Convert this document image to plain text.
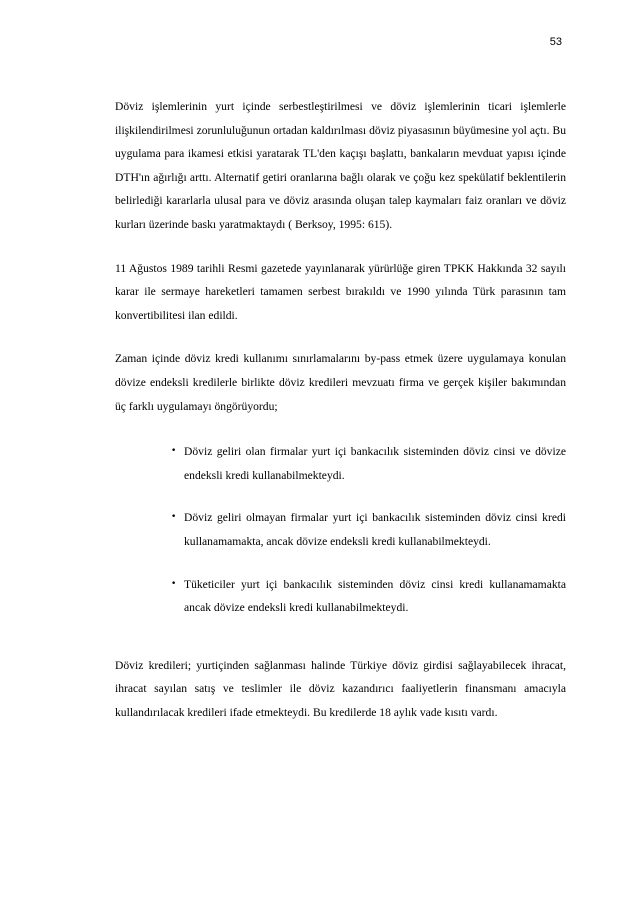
53

Döviz işlemlerinin yurt içinde serbestleştirilmesi ve döviz işlemlerinin ticari işlemlerle ilişkilendirilmesi zorunluluğunun ortadan kaldırılması döviz piyasasının büyümesine yol açtı. Bu uygulama para ikamesi etkisi yaratarak TL'den kaçışı başlattı, bankaların mevduat yapısı içinde DTH'ın ağırlığı arttı. Alternatif getiri oranlarına bağlı olarak ve çoğu kez spekülatif beklentilerin belirlediği kararlarla ulusal para ve döviz arasında oluşan talep kaymaları faiz oranları ve döviz kurları üzerinde baskı yaratmaktaydı ( Berksoy, 1995: 615).

11 Ağustos 1989 tarihli Resmi gazetede yayınlanarak yürürlüğe giren TPKK Hakkında 32 sayılı karar ile sermaye hareketleri tamamen serbest bırakıldı ve 1990 yılında Türk parasının tam konvertibilitesi ilan edildi.

Zaman içinde döviz kredi kullanımı sınırlamalarını by-pass etmek üzere uygulamaya konulan dövize endeksli kredilerle birlikte döviz kredileri mevzuatı firma ve gerçek kişiler bakımından üç farklı uygulamayı öngörüyordu;

• Döviz geliri olan firmalar yurt içi bankacılık sisteminden döviz cinsi ve dövize endeksli kredi kullanabilmekteydi.
• Döviz geliri olmayan firmalar yurt içi bankacılık sisteminden döviz cinsi kredi kullanamamakta, ancak dövize endeksli kredi kullanabilmekteydi.
• Tüketiciler yurt içi bankacılık sisteminden döviz cinsi kredi kullanamamakta ancak dövize endeksli kredi kullanabilmekteydi.

Döviz kredileri; yurtiçinden sağlanması halinde Türkiye döviz girdisi sağlayabilecek ihracat, ihracat sayılan satış ve teslimler ile döviz kazandırıcı faaliyetlerin finansmanı amacıyla kullandırılacak kredileri ifade etmekteydi. Bu kredilerde 18 aylık vade kısıtı vardı.
